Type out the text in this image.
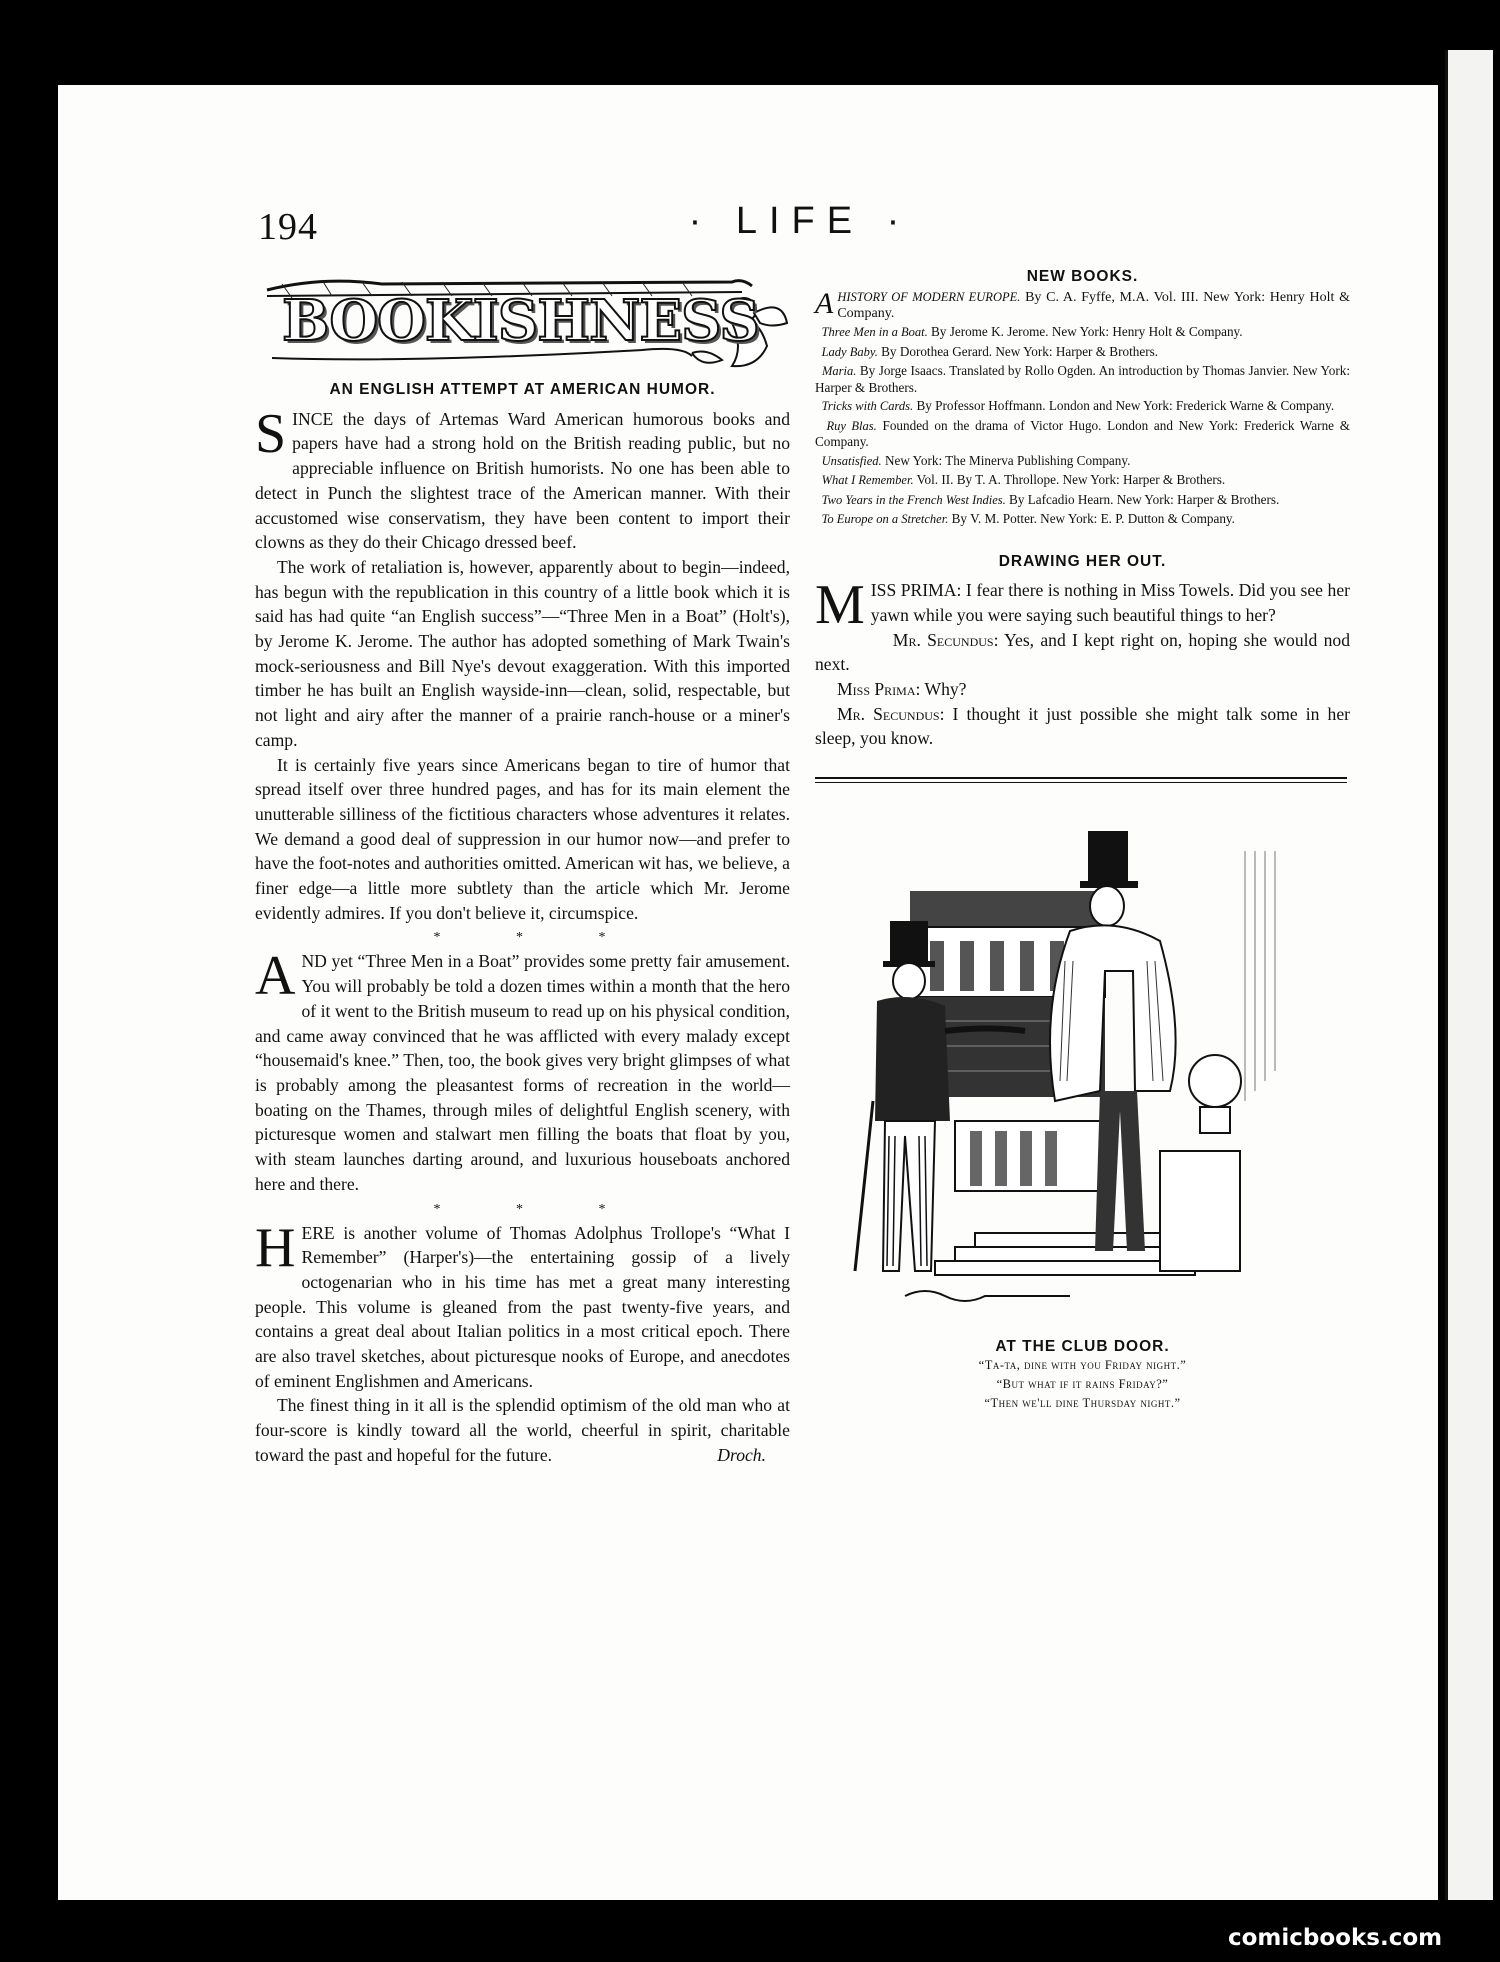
194	· LIFE ·
BOOKISHNESS
AN ENGLISH ATTEMPT AT AMERICAN HUMOR.

SINCE the days of Artemas Ward American humorous books and papers have had a strong hold on the British reading public, but no appreciable influence on British humorists. No one has been able to detect in Punch the slightest trace of the American manner. With their accustomed wise conservatism, they have been content to import their clowns as they do their Chicago dressed beef.

The work of retaliation is, however, apparently about to begin—indeed, has begun with the republication in this country of a little book which it is said has had quite “an English success”—“Three Men in a Boat” (Holt's), by Jerome K. Jerome. The author has adopted something of Mark Twain's mock-seriousness and Bill Nye's devout exaggeration. With this imported timber he has built an English wayside-inn—clean, solid, respectable, but not light and airy after the manner of a prairie ranch-house or a miner's camp.

It is certainly five years since Americans began to tire of humor that spread itself over three hundred pages, and has for its main element the unutterable silliness of the fictitious characters whose adventures it relates. We demand a good deal of suppression in our humor now—and prefer to have the foot-notes and authorities omitted. American wit has, we believe, a finer edge—a little more subtlety than the article which Mr. Jerome evidently admires. If you don't believe it, circumspice.

* * *

AND yet “Three Men in a Boat” provides some pretty fair amusement. You will probably be told a dozen times within a month that the hero of it went to the British museum to read up on his physical condition, and came away convinced that he was afflicted with every malady except “housemaid's knee.” Then, too, the book gives very bright glimpses of what is probably among the pleasantest forms of recreation in the world—boating on the Thames, through miles of delightful English scenery, with picturesque women and stalwart men filling the boats that float by you, with steam launches darting around, and luxurious houseboats anchored here and there.

* * *

HERE is another volume of Thomas Adolphus Trollope's “What I Remember” (Harper's)—the entertaining gossip of a lively octogenarian who in his time has met a great many interesting people. This volume is gleaned from the past twenty-five years, and contains a great deal about Italian politics in a most critical epoch. There are also travel sketches, about picturesque nooks of Europe, and anecdotes of eminent Englishmen and Americans.

The finest thing in it all is the splendid optimism of the old man who at four-score is kindly toward all the world, cheerful in spirit, charitable toward the past and hopeful for the future.	Droch.

NEW BOOKS.

AHISTORY OF MODERN EUROPE. By C. A. Fyffe, M.A. Vol. III. New York: Henry Holt & Company.

Three Men in a Boat. By Jerome K. Jerome. New York: Henry Holt & Company.

Lady Baby. By Dorothea Gerard. New York: Harper & Brothers.

Maria. By Jorge Isaacs. Translated by Rollo Ogden. An introduction by Thomas Janvier. New York: Harper & Brothers.

Tricks with Cards. By Professor Hoffmann. London and New York: Frederick Warne & Company.

Ruy Blas. Founded on the drama of Victor Hugo. London and New York: Frederick Warne & Company.

Unsatisfied. New York: The Minerva Publishing Company.

What I Remember. Vol. II. By T. A. Throllope. New York: Harper & Brothers.

Two Years in the French West Indies. By Lafcadio Hearn. New York: Harper & Brothers.

To Europe on a Stretcher. By V. M. Potter. New York: E. P. Dutton & Company.

DRAWING HER OUT.

MISS PRIMA: I fear there is nothing in Miss Towels. Did you see her yawn while you were saying such beautiful things to her?

Mr. Secundus: Yes, and I kept right on, hoping she would nod next.

Miss Prima: Why?

Mr. Secundus: I thought it just possible she might talk some in her sleep, you know.

AT THE CLUB DOOR.
“Ta-ta, dine with you Friday night.”
“But what if it rains Friday?”
“Then we'll dine Thursday night.”
comicbooks.com
